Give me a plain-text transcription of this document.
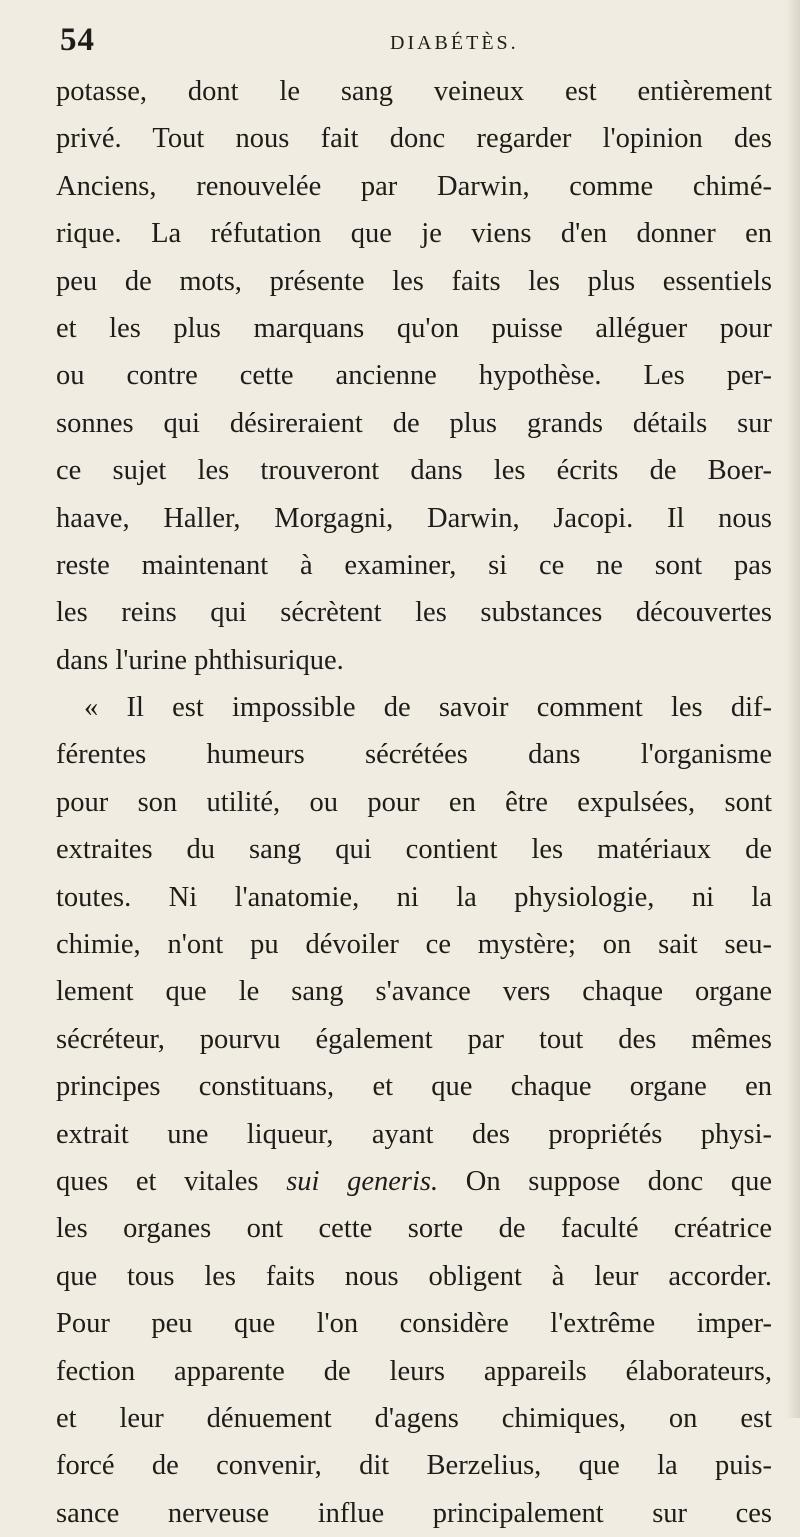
54	DIABÉTÈS.
potasse, dont le sang veineux est entièrement
privé. Tout nous fait donc regarder l'opinion des
Anciens, renouvelée par Darwin, comme chimé-
rique. La réfutation que je viens d'en donner en
peu de mots, présente les faits les plus essentiels
et les plus marquans qu'on puisse alléguer pour
ou contre cette ancienne hypothèse. Les per-
sonnes qui désireraient de plus grands détails sur
ce sujet les trouveront dans les écrits de Boer-
haave, Haller, Morgagni, Darwin, Jacopi. Il nous
reste maintenant à examiner, si ce ne sont pas
les reins qui sécrètent les substances découvertes
dans l'urine phthisurique.
« Il est impossible de savoir comment les dif-
férentes humeurs sécrétées dans l'organisme
pour son utilité, ou pour en être expulsées, sont
extraites du sang qui contient les matériaux de
toutes. Ni l'anatomie, ni la physiologie, ni la
chimie, n'ont pu dévoiler ce mystère; on sait seu-
lement que le sang s'avance vers chaque organe
sécréteur, pourvu également par tout des mêmes
principes constituans, et que chaque organe en
extrait une liqueur, ayant des propriétés physi-
ques et vitales sui generis. On suppose donc que
les organes ont cette sorte de faculté créatrice
que tous les faits nous obligent à leur accorder.
Pour peu que l'on considère l'extrême imper-
fection apparente de leurs appareils élaborateurs,
et leur dénuement d'agens chimiques, on est
forcé de convenir, dit Berzelius, que la puis-
sance nerveuse influe principalement sur ces
